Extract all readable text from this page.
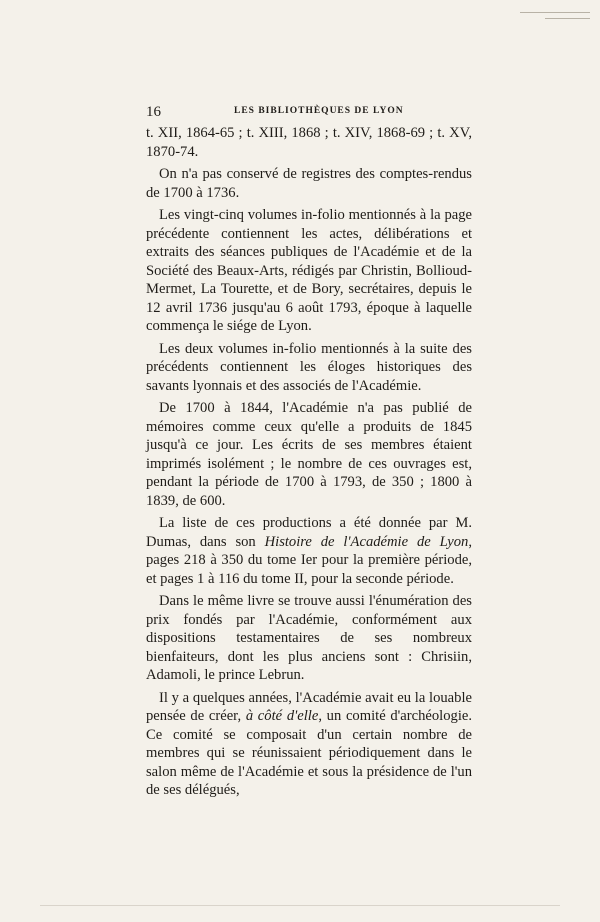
16	LES BIBLIOTHÈQUES DE LYON

t. XII, 1864-65 ; t. XIII, 1868 ; t. XIV, 1868-69 ; t. XV, 1870-74.

On n'a pas conservé de registres des comptes-rendus de 1700 à 1736.

Les vingt-cinq volumes in-folio mentionnés à la page précédente contiennent les actes, délibérations et extraits des séances publiques de l'Académie et de la Société des Beaux-Arts, rédigés par Christin, Bollioud-Mermet, La Tourette, et de Bory, secrétaires, depuis le 12 avril 1736 jusqu'au 6 août 1793, époque à laquelle commença le siége de Lyon.

Les deux volumes in-folio mentionnés à la suite des précédents contiennent les éloges historiques des savants lyonnais et des associés de l'Académie.

De 1700 à 1844, l'Académie n'a pas publié de mémoires comme ceux qu'elle a produits de 1845 jusqu'à ce jour. Les écrits de ses membres étaient imprimés isolément ; le nombre de ces ouvrages est, pendant la période de 1700 à 1793, de 350 ; 1800 à 1839, de 600.

La liste de ces productions a été donnée par M. Dumas, dans son Histoire de l'Académie de Lyon, pages 218 à 350 du tome Ier pour la première période, et pages 1 à 116 du tome II, pour la seconde période.

Dans le même livre se trouve aussi l'énumération des prix fondés par l'Académie, conformément aux dispositions testamentaires de ses nombreux bienfaiteurs, dont les plus anciens sont : Chrisiin, Adamoli, le prince Lebrun.

Il y a quelques années, l'Académie avait eu la louable pensée de créer, à côté d'elle, un comité d'archéologie. Ce comité se composait d'un certain nombre de membres qui se réunissaient périodiquement dans le salon même de l'Académie et sous la présidence de l'un de ses délégués,
